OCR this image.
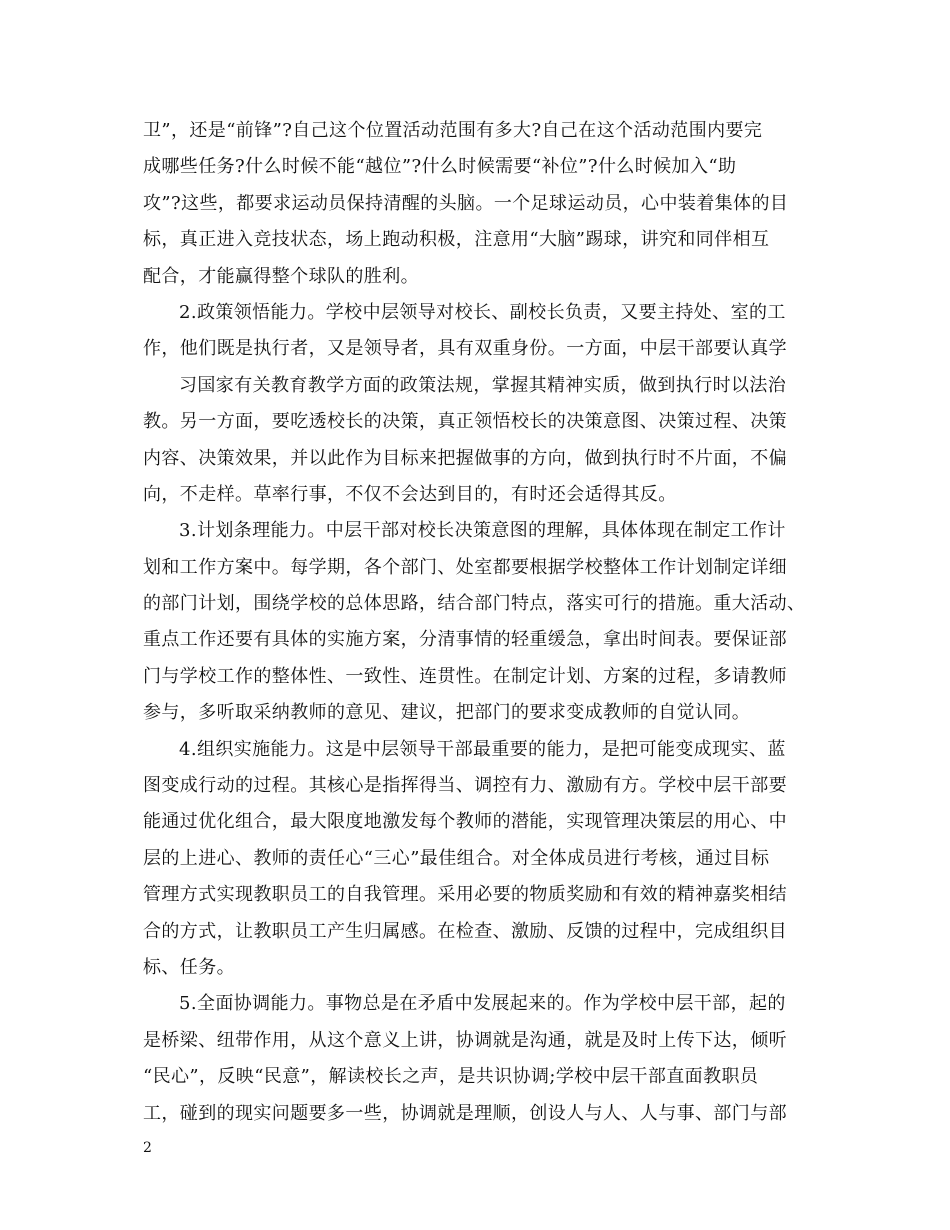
卫”，还是“前锋”?自己这个位置活动范围有多大?自己在这个活动范围内要完
成哪些任务?什么时候不能“越位”?什么时候需要“补位”?什么时候加入“助
攻”?这些，都要求运动员保持清醒的头脑。一个足球运动员，心中装着集体的目
标，真正进入竞技状态，场上跑动积极，注意用“大脑”踢球，讲究和同伴相互
配合，才能赢得整个球队的胜利。
2.政策领悟能力。学校中层领导对校长、副校长负责，又要主持处、室的工
作，他们既是执行者，又是领导者，具有双重身份。一方面，中层干部要认真学
习国家有关教育教学方面的政策法规，掌握其精神实质，做到执行时以法治
教。另一方面，要吃透校长的决策，真正领悟校长的决策意图、决策过程、决策
内容、决策效果，并以此作为目标来把握做事的方向，做到执行时不片面，不偏
向，不走样。草率行事，不仅不会达到目的，有时还会适得其反。
3.计划条理能力。中层干部对校长决策意图的理解，具体体现在制定工作计
划和工作方案中。每学期，各个部门、处室都要根据学校整体工作计划制定详细
的部门计划，围绕学校的总体思路，结合部门特点，落实可行的措施。重大活动、
重点工作还要有具体的实施方案，分清事情的轻重缓急，拿出时间表。要保证部
门与学校工作的整体性、一致性、连贯性。在制定计划、方案的过程，多请教师
参与，多听取采纳教师的意见、建议，把部门的要求变成教师的自觉认同。
4.组织实施能力。这是中层领导干部最重要的能力，是把可能变成现实、蓝
图变成行动的过程。其核心是指挥得当、调控有力、激励有方。学校中层干部要
能通过优化组合，最大限度地激发每个教师的潜能，实现管理决策层的用心、中
层的上进心、教师的责任心“三心”最佳组合。对全体成员进行考核，通过目标
管理方式实现教职员工的自我管理。采用必要的物质奖励和有效的精神嘉奖相结
合的方式，让教职员工产生归属感。在检查、激励、反馈的过程中，完成组织目
标、任务。
5.全面协调能力。事物总是在矛盾中发展起来的。作为学校中层干部，起的
是桥梁、纽带作用，从这个意义上讲，协调就是沟通，就是及时上传下达，倾听
“民心”，反映“民意”，解读校长之声，是共识协调;学校中层干部直面教职员
工，碰到的现实问题要多一些，协调就是理顺，创设人与人、人与事、部门与部
2
